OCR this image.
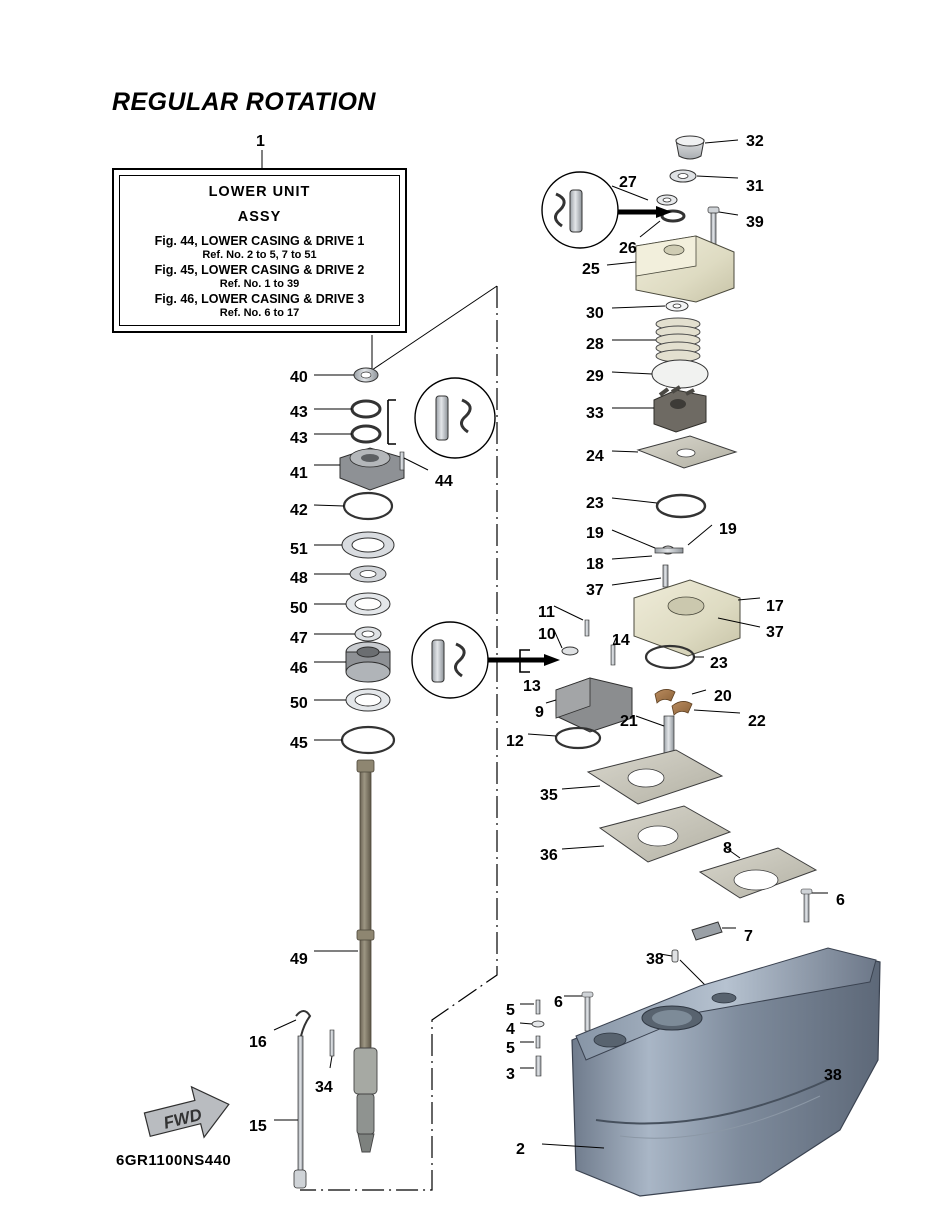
REGULAR ROTATION
LOWER UNIT
ASSY
Fig. 44, LOWER CASING & DRIVE 1
Ref. No. 2 to 5, 7 to 51
Fig. 45, LOWER CASING & DRIVE 2
Ref. No. 1 to 39
Fig. 46, LOWER CASING & DRIVE 3
Ref. No. 6 to 17
6GR1100NS440
FWD
1	32
27	31
39
26
25
30
28
29
33
24
23
19	19
18
37
17
37
11
10	14
23
13
9
20
21	22
12
35
36	8
6
7
38
5 6
4
5
3	38
2
40
43
43
44
41
42
51
48
50
47
46
50
45
49
16
34
15
